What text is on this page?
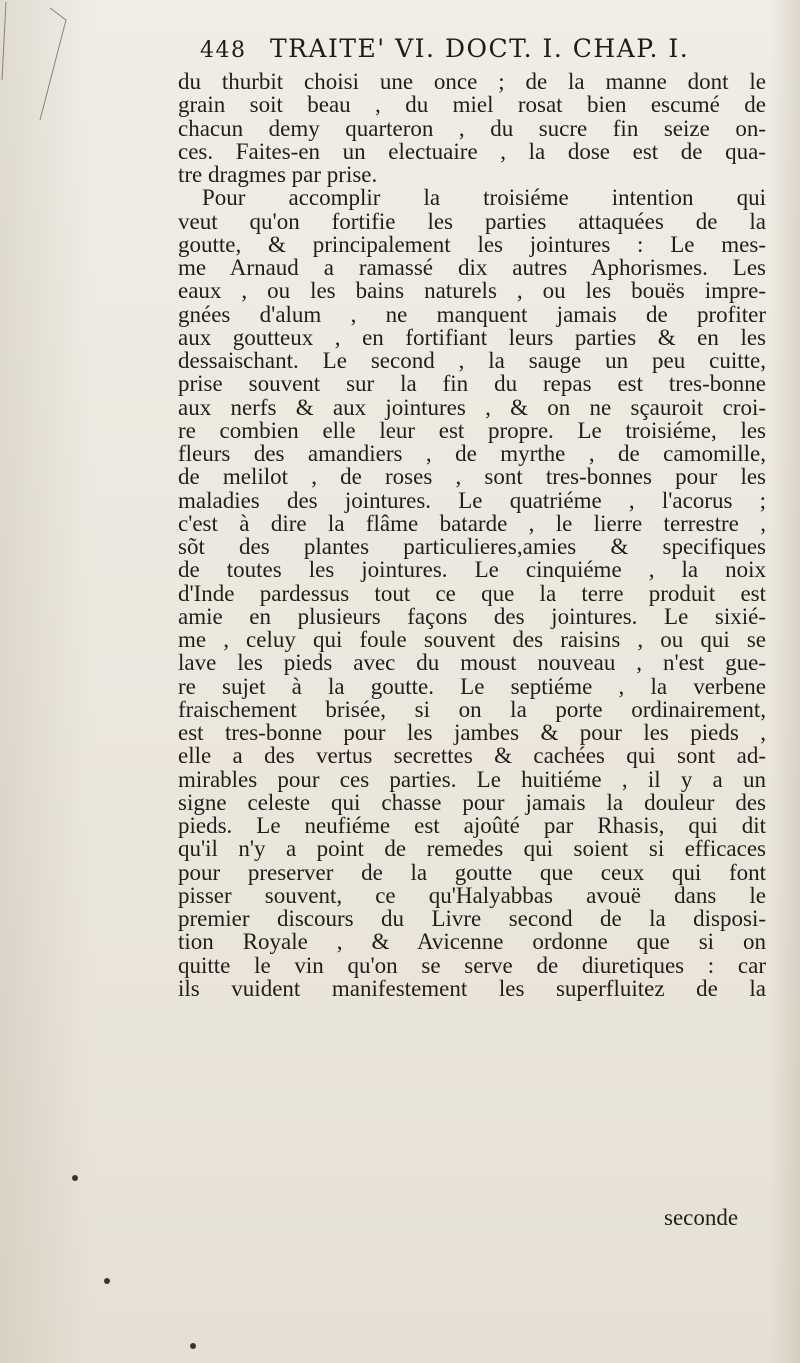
448 TRAITE' VI. DOCT. I. CHAP. I.
du thurbit choisi une once ; de la manne dont le
grain soit beau , du miel rosat bien escumé de
chacun demy quarteron , du sucre fin seize on-
ces. Faites-en un electuaire , la dose est de qua-
tre dragmes par prise.
Pour accomplir la troisiéme intention qui
veut qu'on fortifie les parties attaquées de la
goutte, & principalement les jointures : Le mes-
me Arnaud a ramassé dix autres Aphorismes. Les
eaux , ou les bains naturels , ou les bouës impre-
gnées d'alum , ne manquent jamais de profiter
aux goutteux , en fortifiant leurs parties & en les
dessaischant. Le second , la sauge un peu cuitte,
prise souvent sur la fin du repas est tres-bonne
aux nerfs & aux jointures , & on ne sçauroit croi-
re combien elle leur est propre. Le troisiéme, les
fleurs des amandiers , de myrthe , de camomille,
de melilot , de roses , sont tres-bonnes pour les
maladies des jointures. Le quatriéme , l'acorus ;
c'est à dire la flâme batarde , le lierre terrestre ,
sõt des plantes particulieres,amies & specifiques
de toutes les jointures. Le cinquiéme , la noix
d'Inde pardessus tout ce que la terre produit est
amie en plusieurs façons des jointures. Le sixié-
me , celuy qui foule souvent des raisins , ou qui se
lave les pieds avec du moust nouveau , n'est gue-
re sujet à la goutte. Le septiéme , la verbene
fraischement brisée, si on la porte ordinairement,
est tres-bonne pour les jambes & pour les pieds ,
elle a des vertus secrettes & cachées qui sont ad-
mirables pour ces parties. Le huitiéme , il y a un
signe celeste qui chasse pour jamais la douleur des
pieds. Le neufiéme est ajoûté par Rhasis, qui dit
qu'il n'y a point de remedes qui soient si efficaces
pour preserver de la goutte que ceux qui font
pisser souvent, ce qu'Halyabbas avouë dans le
premier discours du Livre second de la disposi-
tion Royale , & Avicenne ordonne que si on
quitte le vin qu'on se serve de diuretiques : car
ils vuident manifestement les superfluitez de la
seconde
